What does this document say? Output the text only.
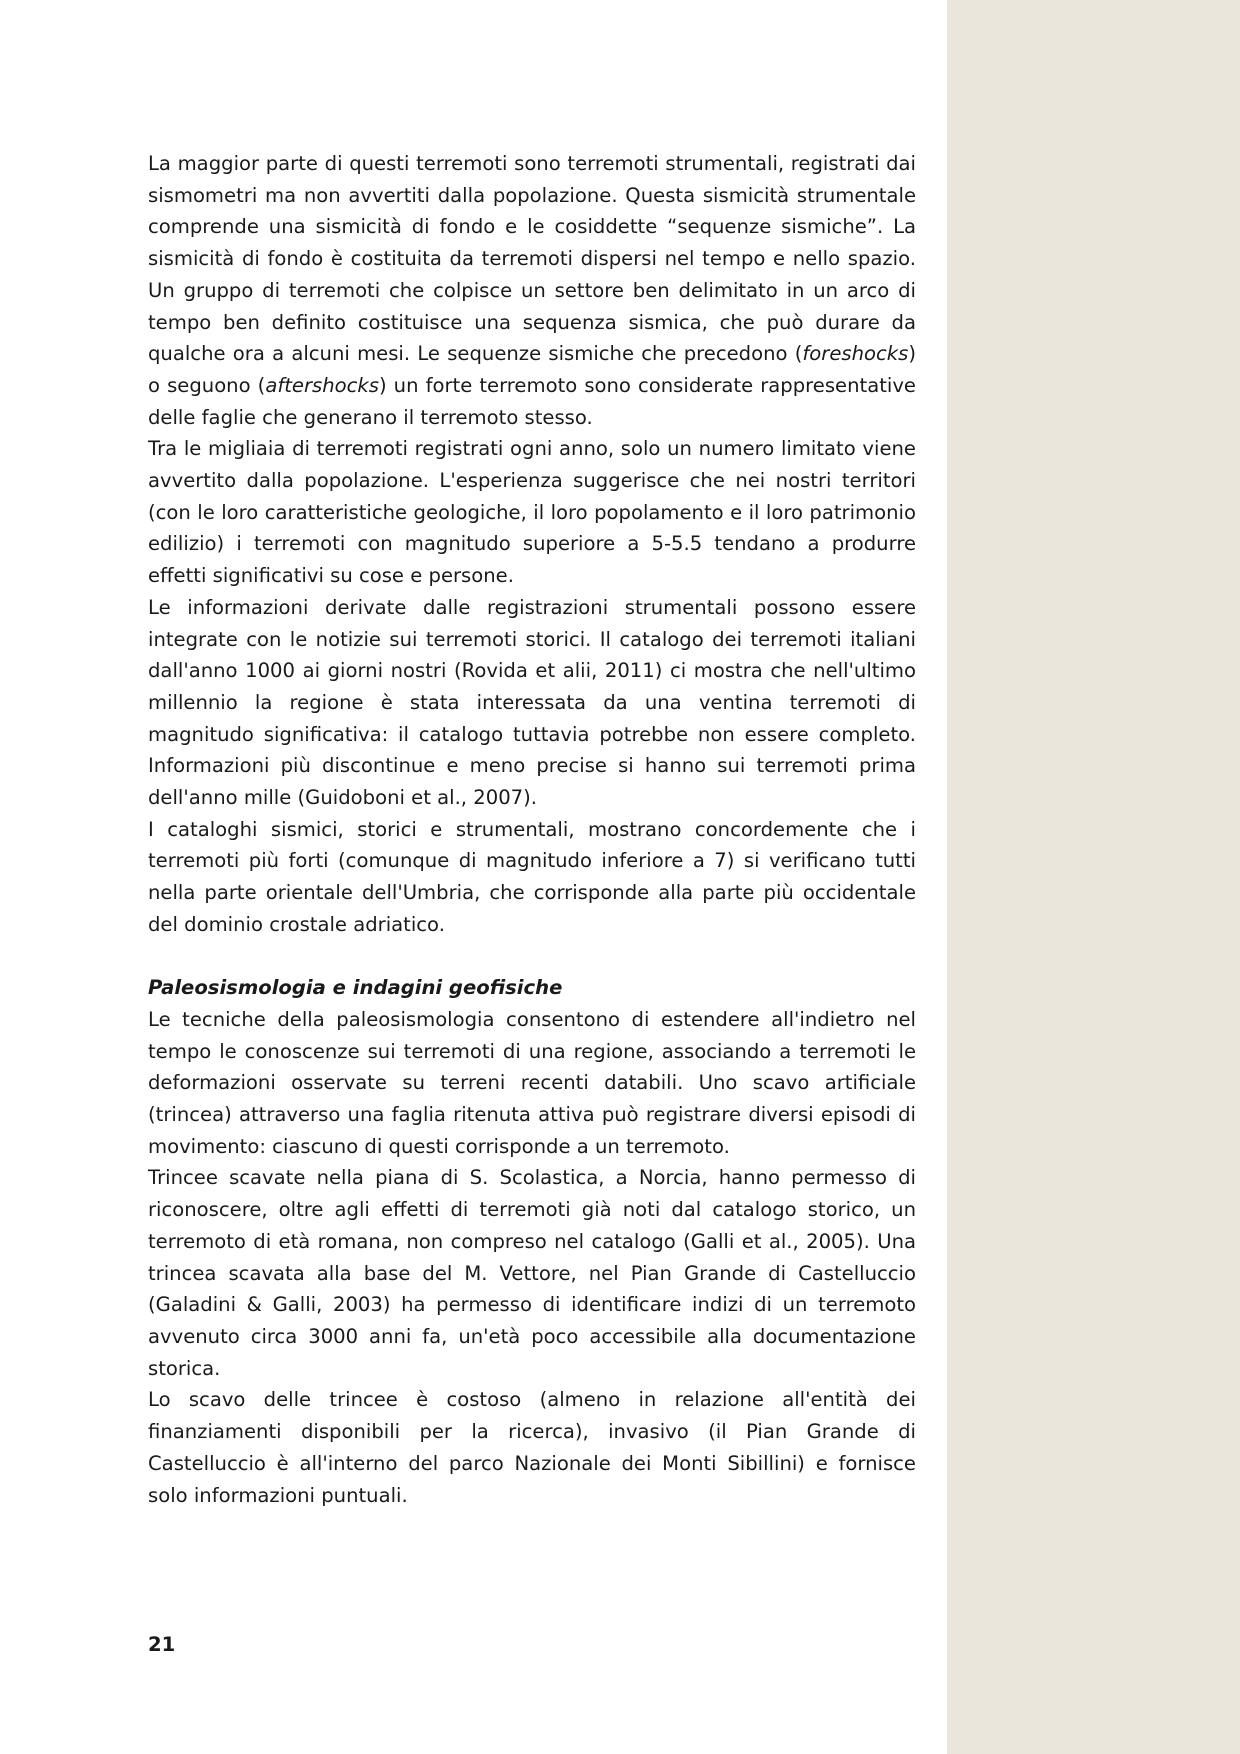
La maggior parte di questi terremoti sono terremoti strumentali, registrati dai sismometri ma non avvertiti dalla popolazione. Questa sismicità strumentale comprende una sismicità di fondo e le cosiddette “sequenze sismiche”. La sismicità di fondo è costituita da terremoti dispersi nel tempo e nello spazio. Un gruppo di terremoti che colpisce un settore ben delimitato in un arco di tempo ben definito costituisce una sequenza sismica, che può durare da qualche ora a alcuni mesi. Le sequenze sismiche che precedono (foreshocks) o seguono (aftershocks) un forte terremoto sono considerate rappresentative delle faglie che generano il terremoto stesso.

Tra le migliaia di terremoti registrati ogni anno, solo un numero limitato viene avvertito dalla popolazione. L'esperienza suggerisce che nei nostri territori (con le loro caratteristiche geologiche, il loro popolamento e il loro patrimonio edilizio) i terremoti con magnitudo superiore a 5-5.5 tendano a produrre effetti significativi su cose e persone.

Le informazioni derivate dalle registrazioni strumentali possono essere integrate con le notizie sui terremoti storici. Il catalogo dei terremoti italiani dall'anno 1000 ai giorni nostri (Rovida et alii, 2011) ci mostra che nell'ultimo millennio la regione è stata interessata da una ventina terremoti di magnitudo significativa: il catalogo tuttavia potrebbe non essere completo. Informazioni più discontinue e meno precise si hanno sui terremoti prima dell'anno mille (Guidoboni et al., 2007).

I cataloghi sismici, storici e strumentali, mostrano concordemente che i terremoti più forti (comunque di magnitudo inferiore a 7) si verificano tutti nella parte orientale dell'Umbria, che corrisponde alla parte più occidentale del dominio crostale adriatico.

Paleosismologia e indagini geofisiche

Le tecniche della paleosismologia consentono di estendere all'indietro nel tempo le conoscenze sui terremoti di una regione, associando a terremoti le deformazioni osservate su terreni recenti databili. Uno scavo artificiale (trincea) attraverso una faglia ritenuta attiva può registrare diversi episodi di movimento: ciascuno di questi corrisponde a un terremoto.

Trincee scavate nella piana di S. Scolastica, a Norcia, hanno permesso di riconoscere, oltre agli effetti di terremoti già noti dal catalogo storico, un terremoto di età romana, non compreso nel catalogo (Galli et al., 2005). Una trincea scavata alla base del M. Vettore, nel Pian Grande di Castelluccio (Galadini & Galli, 2003) ha permesso di identificare indizi di un terremoto avvenuto circa 3000 anni fa, un'età poco accessibile alla documentazione storica.

Lo scavo delle trincee è costoso (almeno in relazione all'entità dei finanziamenti disponibili per la ricerca), invasivo (il Pian Grande di Castelluccio è all'interno del parco Nazionale dei Monti Sibillini) e fornisce solo informazioni puntuali.

21
